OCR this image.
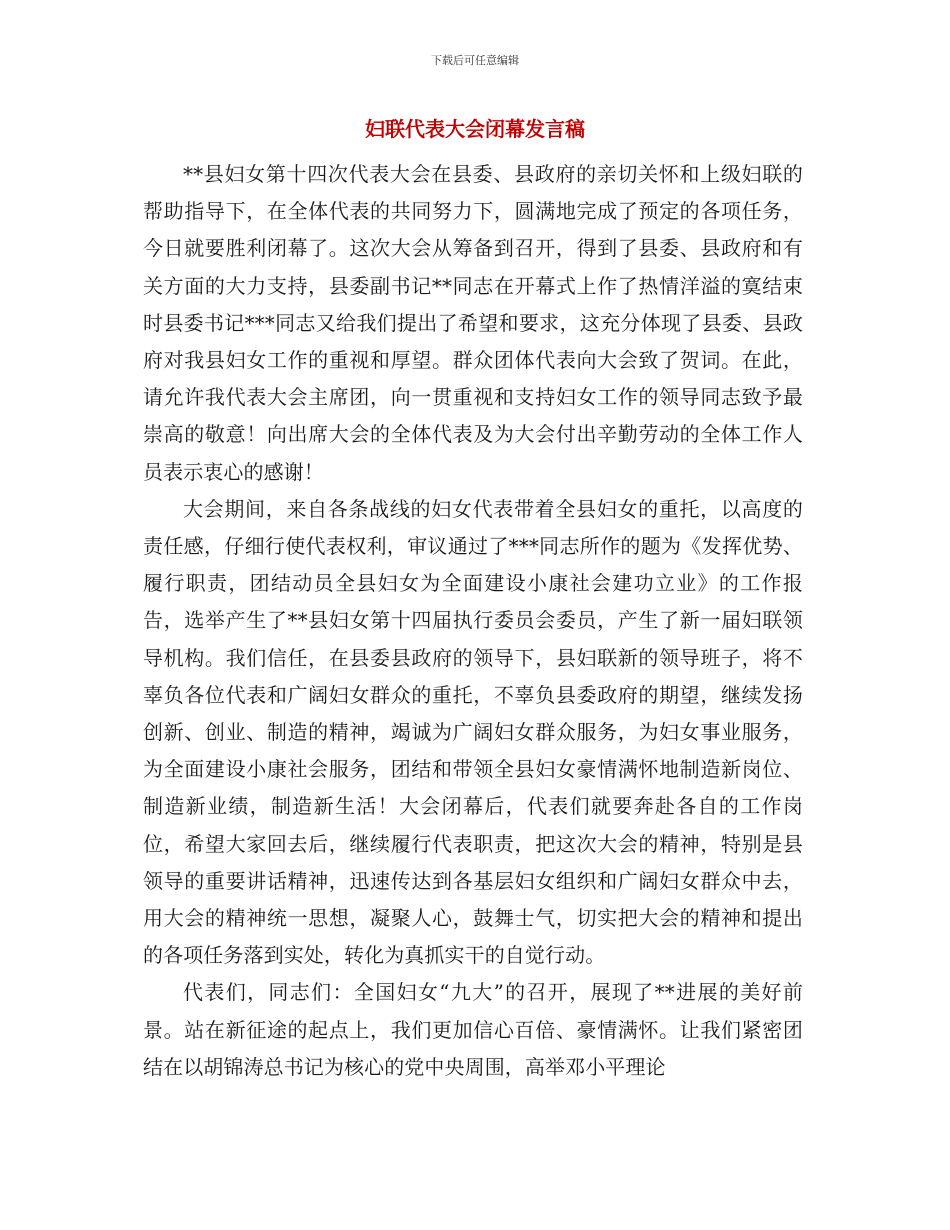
下载后可任意编辑
妇联代表大会闭幕发言稿

**县妇女第十四次代表大会在县委、县政府的亲切关怀和上级妇联的帮助指导下，在全体代表的共同努力下，圆满地完成了预定的各项任务，今日就要胜利闭幕了。这次大会从筹备到召开，得到了县委、县政府和有关方面的大力支持，县委副书记**同志在开幕式上作了热情洋溢的寞结束时县委书记***同志又给我们提出了希望和要求，这充分体现了县委、县政府对我县妇女工作的重视和厚望。群众团体代表向大会致了贺词。在此，请允许我代表大会主席团，向一贯重视和支持妇女工作的领导同志致予最崇高的敬意！向出席大会的全体代表及为大会付出辛勤劳动的全体工作人员表示衷心的感谢！

大会期间，来自各条战线的妇女代表带着全县妇女的重托，以高度的责任感，仔细行使代表权利，审议通过了***同志所作的题为《发挥优势、履行职责，团结动员全县妇女为全面建设小康社会建功立业》的工作报告，选举产生了**县妇女第十四届执行委员会委员，产生了新一届妇联领导机构。我们信任，在县委县政府的领导下，县妇联新的领导班子，将不辜负各位代表和广阔妇女群众的重托，不辜负县委政府的期望，继续发扬创新、创业、制造的精神，竭诚为广阔妇女群众服务，为妇女事业服务，为全面建设小康社会服务，团结和带领全县妇女豪情满怀地制造新岗位、制造新业绩，制造新生活！大会闭幕后，代表们就要奔赴各自的工作岗位，希望大家回去后，继续履行代表职责，把这次大会的精神，特别是县领导的重要讲话精神，迅速传达到各基层妇女组织和广阔妇女群众中去，用大会的精神统一思想，凝聚人心，鼓舞士气，切实把大会的精神和提出的各项任务落到实处，转化为真抓实干的自觉行动。

代表们，同志们：全国妇女“九大”的召开，展现了**进展的美好前景。站在新征途的起点上，我们更加信心百倍、豪情满怀。让我们紧密团结在以胡锦涛总书记为核心的党中央周围，高举邓小平理论
